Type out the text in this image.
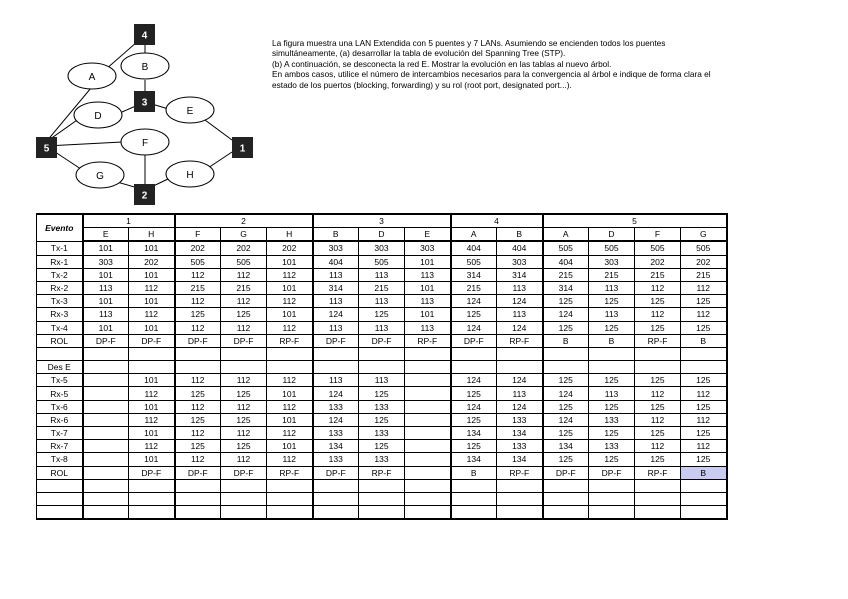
A
B
D	E
F
G	H
4
3
5	1
2

La figura muestra una LAN Extendida con 5 puentes y 7 LANs. Asumiendo se encienden todos los puentes

simultáneamente, (a) desarrollar la tabla de evolución del Spanning Tree (STP).

(b) A continuación, se desconecta la red E. Mostrar la evolución en las tablas al nuevo árbol.

En ambos casos, utilice el número de intercambios necesarios para la convergencia al árbol e indique de forma clara el

estado de los puertos (blocking, forwarding) y su rol (root port, designated port...).

Evento	1		2			3			4		5			
	E	H	F	G	H	B	D	E	A	B	A	D	F	G
Tx-1	101	101	202	202	202	303	303	303	404	404	505	505	505	505
Rx-1	303	202	505	505	101	404	505	101	505	303	404	303	202	202
Tx-2	101	101	112	112	112	113	113	113	314	314	215	215	215	215
Rx-2	113	112	215	215	101	314	215	101	215	113	314	113	112	112
Tx-3	101	101	112	112	112	113	113	113	124	124	125	125	125	125
Rx-3	113	112	125	125	101	124	125	101	125	113	124	113	112	112
Tx-4	101	101	112	112	112	113	113	113	124	124	125	125	125	125
ROL	DP-F	DP-F	DP-F	DP-F	RP-F	DP-F	DP-F	RP-F	DP-F	RP-F	B	B	RP-F	B

Des E														
Tx-5		101	112	112	112	113	113		124	124	125	125	125	125
Rx-5		112	125	125	101	124	125		125	113	124	113	112	112
Tx-6		101	112	112	112	133	133		124	124	125	125	125	125
Rx-6		112	125	125	101	124	125		125	133	124	133	112	112
Tx-7		101	112	112	112	133	133		134	134	125	125	125	125
Rx-7		112	125	125	101	134	125		125	133	134	133	112	112
Tx-8		101	112	112	112	133	133		134	134	125	125	125	125
ROL		DP-F	DP-F	DP-F	RP-F	DP-F	RP-F		B	RP-F	DP-F	DP-F	RP-F	B
